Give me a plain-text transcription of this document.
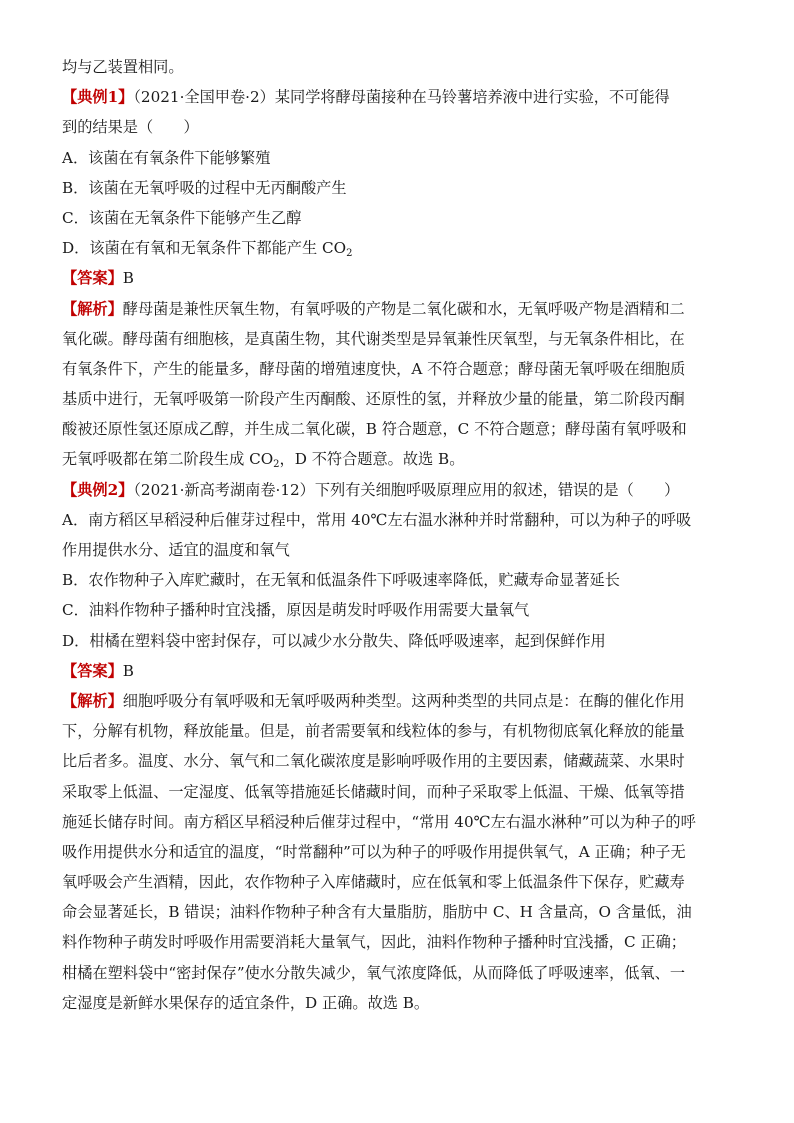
均与乙装置相同。
【典例1】（2021·全国甲卷·2）某同学将酵母菌接种在马铃薯培养液中进行实验，不可能得
到的结果是（　　）
A．该菌在有氧条件下能够繁殖
B．该菌在无氧呼吸的过程中无丙酮酸产生
C．该菌在无氧条件下能够产生乙醇
D．该菌在有氧和无氧条件下都能产生 $CO_2$
【答案】B
【解析】酵母菌是兼性厌氧生物，有氧呼吸的产物是二氧化碳和水，无氧呼吸产物是酒精和二
氧化碳。酵母菌有细胞核，是真菌生物，其代谢类型是异氧兼性厌氧型，与无氧条件相比，在
有氧条件下，产生的能量多，酵母菌的增殖速度快，A 不符合题意；酵母菌无氧呼吸在细胞质
基质中进行，无氧呼吸第一阶段产生丙酮酸、还原性的氢，并释放少量的能量，第二阶段丙酮
酸被还原性氢还原成乙醇，并生成二氧化碳，B 符合题意，C 不符合题意；酵母菌有氧呼吸和
无氧呼吸都在第二阶段生成 $CO_2$，D 不符合题意。故选 B。
【典例2】（2021·新高考湖南卷·12）下列有关细胞呼吸原理应用的叙述，错误的是（　　）
A．南方稻区早稻浸种后催芽过程中，常用 40℃左右温水淋种并时常翻种，可以为种子的呼吸
作用提供水分、适宜的温度和氧气
B．农作物种子入库贮藏时，在无氧和低温条件下呼吸速率降低，贮藏寿命显著延长
C．油料作物种子播种时宜浅播，原因是萌发时呼吸作用需要大量氧气
D．柑橘在塑料袋中密封保存，可以减少水分散失、降低呼吸速率，起到保鲜作用
【答案】B
【解析】细胞呼吸分有氧呼吸和无氧呼吸两种类型。这两种类型的共同点是：在酶的催化作用
下，分解有机物，释放能量。但是，前者需要氧和线粒体的参与，有机物彻底氧化释放的能量
比后者多。温度、水分、氧气和二氧化碳浓度是影响呼吸作用的主要因素，储藏蔬菜、水果时
采取零上低温、一定湿度、低氧等措施延长储藏时间，而种子采取零上低温、干燥、低氧等措
施延长储存时间。南方稻区早稻浸种后催芽过程中，“常用 40℃左右温水淋种”可以为种子的呼
吸作用提供水分和适宜的温度，“时常翻种”可以为种子的呼吸作用提供氧气，A 正确；种子无
氧呼吸会产生酒精，因此，农作物种子入库储藏时，应在低氧和零上低温条件下保存，贮藏寿
命会显著延长，B 错误；油料作物种子种含有大量脂肪，脂肪中 C、H 含量高，O 含量低，油
料作物种子萌发时呼吸作用需要消耗大量氧气，因此，油料作物种子播种时宜浅播，C 正确；
柑橘在塑料袋中“密封保存”使水分散失减少，氧气浓度降低，从而降低了呼吸速率，低氧、一
定湿度是新鲜水果保存的适宜条件，D 正确。故选 B。
